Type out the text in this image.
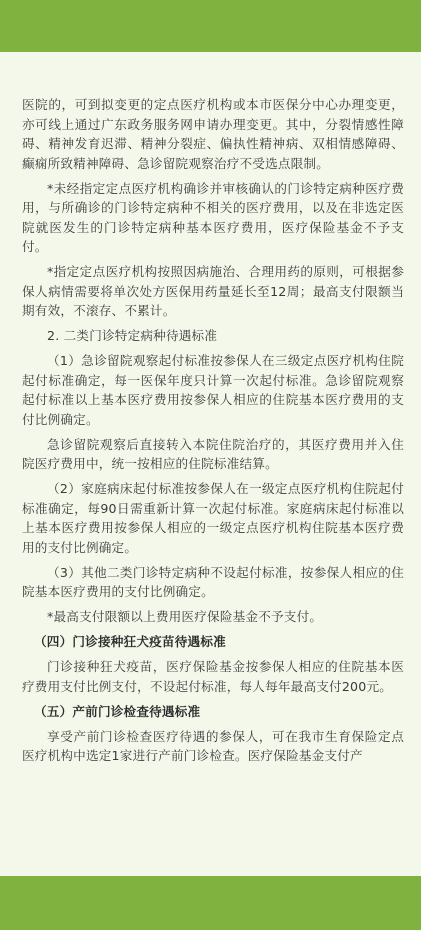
医院的，可到拟变更的定点医疗机构或本市医保分中心办理变更，亦可线上通过广东政务服务网申请办理变更。其中，分裂情感性障碍、精神发育迟滞、精神分裂症、偏执性精神病、双相情感障碍、癫痫所致精神障碍、急诊留院观察治疗不受选点限制。

*未经指定定点医疗机构确诊并审核确认的门诊特定病种医疗费用，与所确诊的门诊特定病种不相关的医疗费用，以及在非选定医院就医发生的门诊特定病种基本医疗费用，医疗保险基金不予支付。

*指定定点医疗机构按照因病施治、合理用药的原则，可根据参保人病情需要将单次处方医保用药量延长至12周；最高支付限额当期有效，不滚存、不累计。

2. 二类门诊特定病种待遇标准

（1）急诊留院观察起付标准按参保人在三级定点医疗机构住院起付标准确定，每一医保年度只计算一次起付标准。急诊留院观察起付标准以上基本医疗费用按参保人相应的住院基本医疗费用的支付比例确定。

急诊留院观察后直接转入本院住院治疗的，其医疗费用并入住院医疗费用中，统一按相应的住院标准结算。

（2）家庭病床起付标准按参保人在一级定点医疗机构住院起付标准确定，每90日需重新计算一次起付标准。家庭病床起付标准以上基本医疗费用按参保人相应的一级定点医疗机构住院基本医疗费用的支付比例确定。

（3）其他二类门诊特定病种不设起付标准，按参保人相应的住院基本医疗费用的支付比例确定。

*最高支付限额以上费用医疗保险基金不予支付。

（四）门诊接种狂犬疫苗待遇标准

门诊接种狂犬疫苗，医疗保险基金按参保人相应的住院基本医疗费用支付比例支付，不设起付标准，每人每年最高支付200元。

（五）产前门诊检查待遇标准

享受产前门诊检查医疗待遇的参保人，可在我市生育保险定点医疗机构中选定1家进行产前门诊检查。医疗保险基金支付产
